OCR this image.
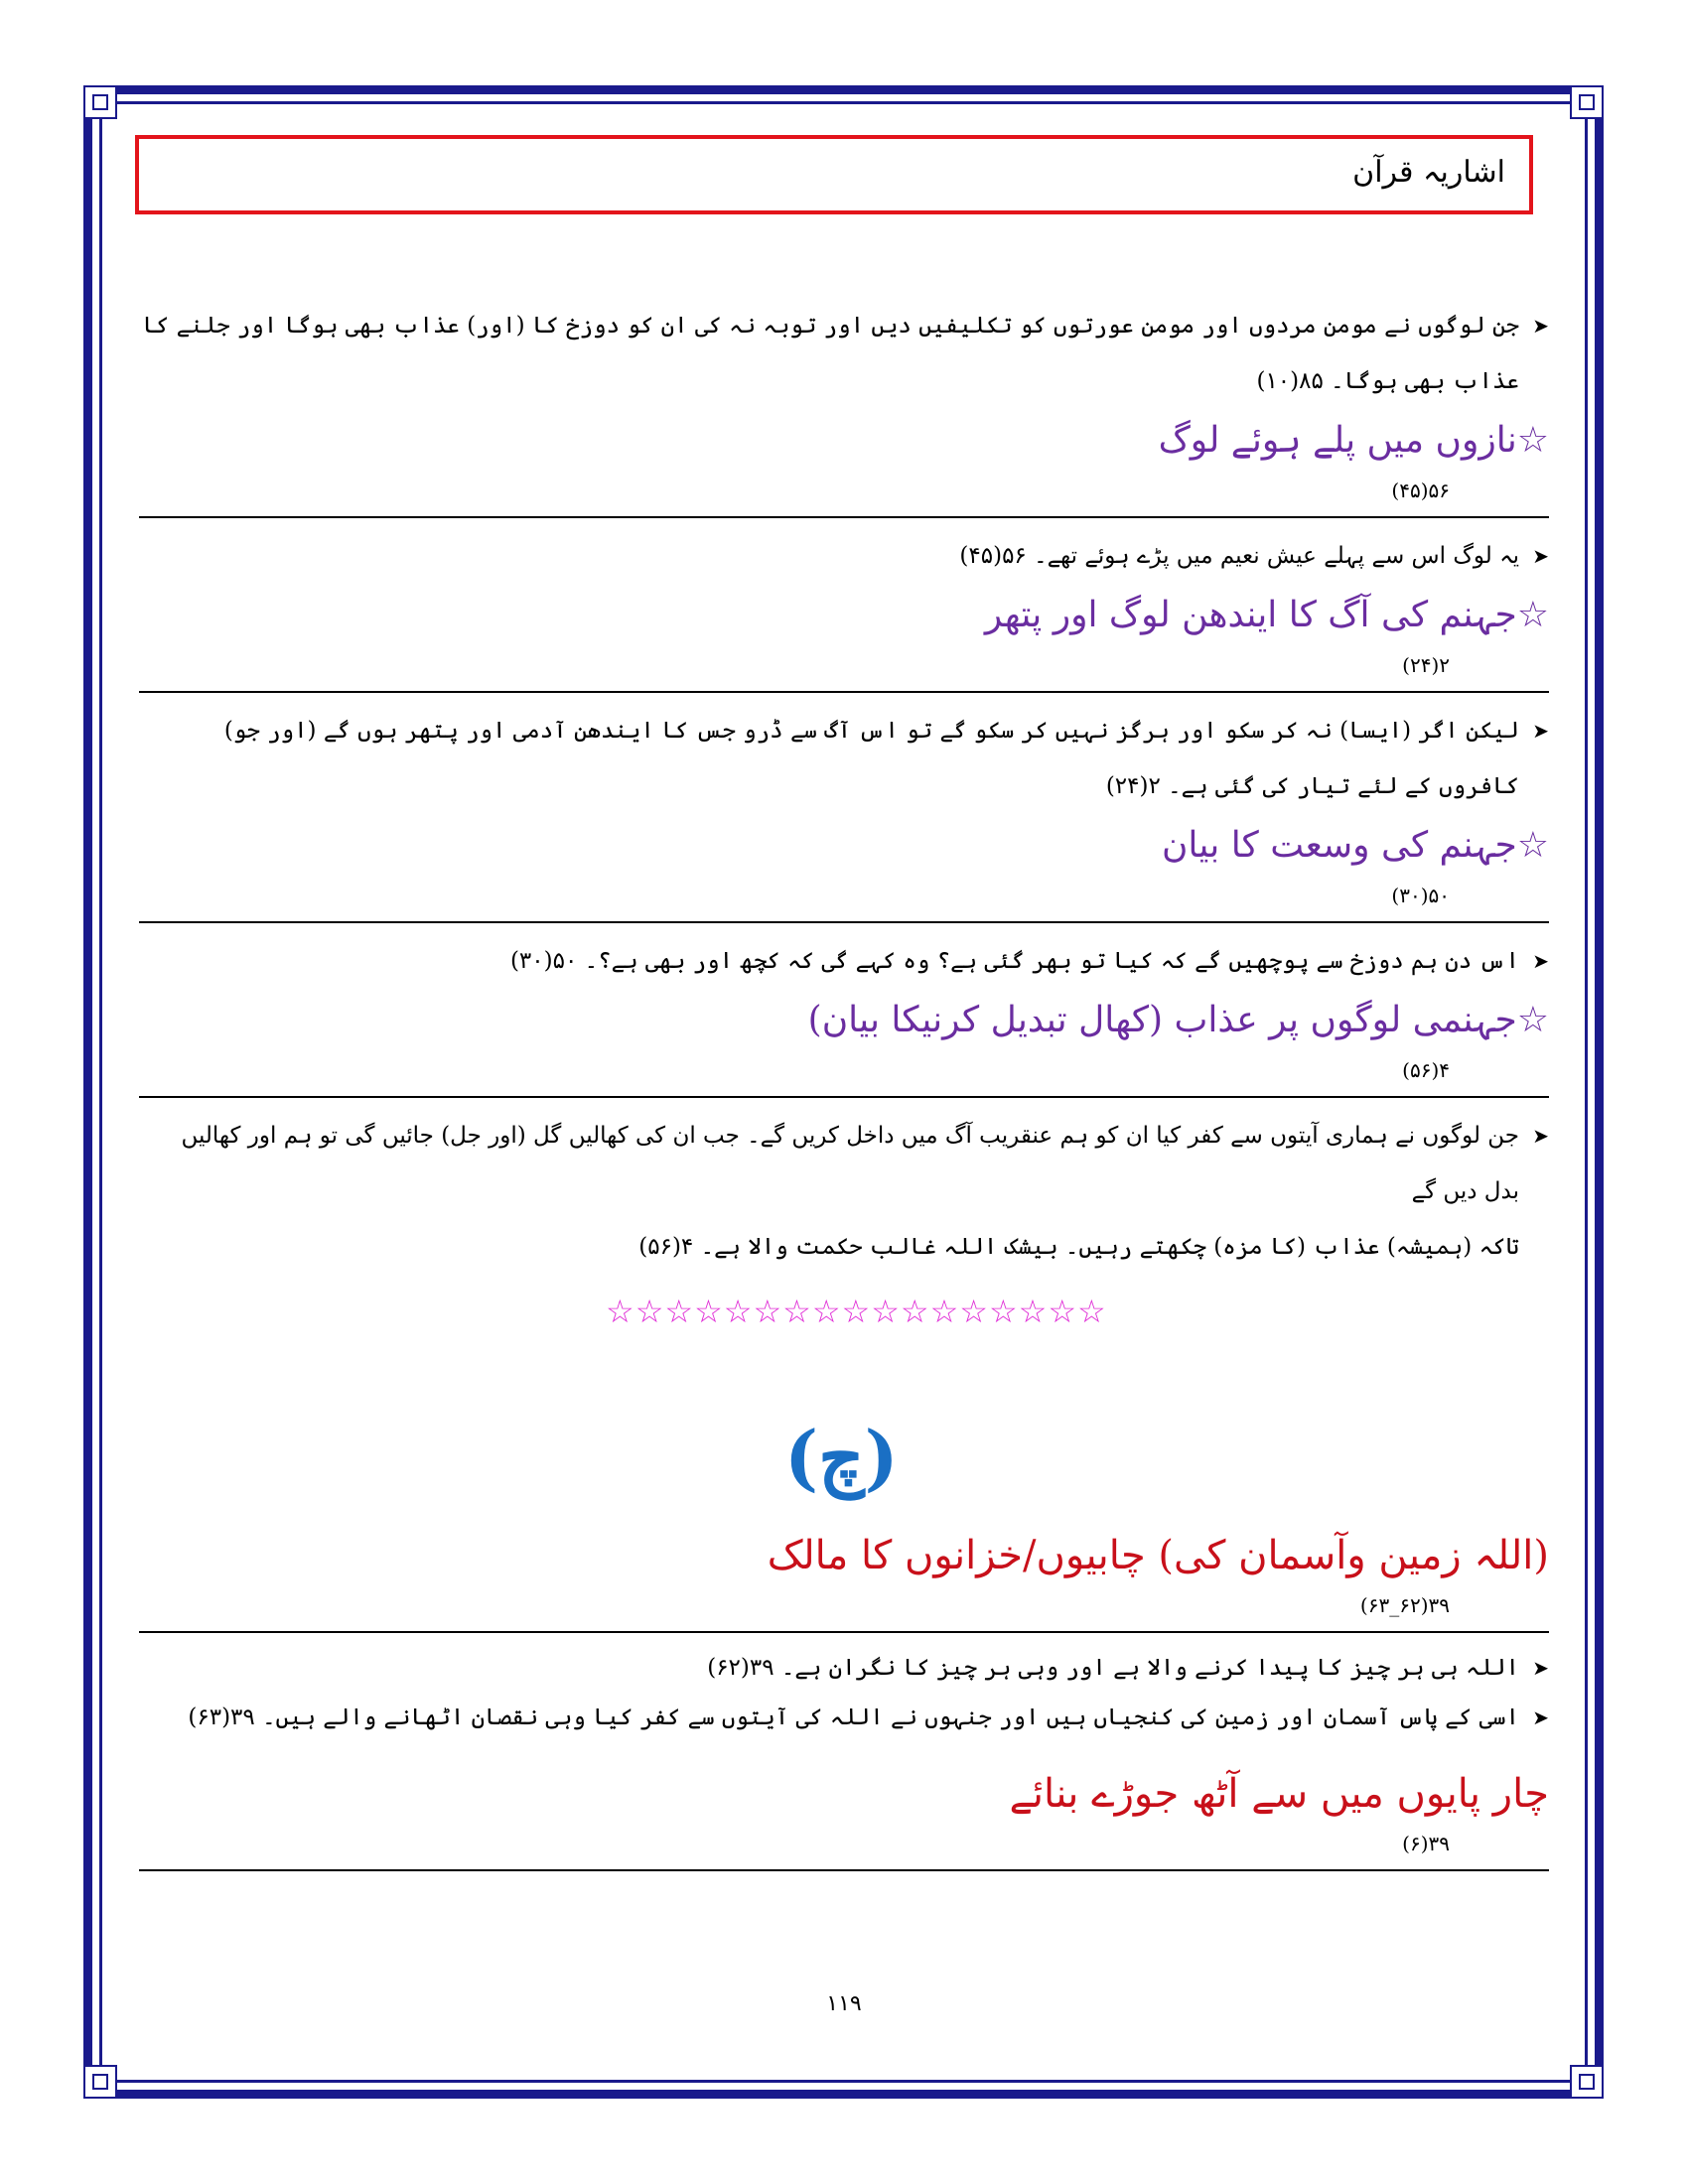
اشاریہ قرآن
➤
جن لوگوں نے مومن مردوں اور مومن عورتوں کو تکلیفیں دیں اور توبہ نہ کی ان کو دوزخ کا (اور) عذاب بھی ہوگا اور جلنے کا عذاب بھی ہوگا۔ ۸۵(۱۰)
☆نازوں میں پلے ہوئے لوگ
۵۶(۴۵)
➤
یہ لوگ اس سے پہلے عیش نعیم میں پڑے ہوئے تھے۔ ۵۶(۴۵)
☆جہنم کی آگ کا ایندھن لوگ اور پتھر
۲(۲۴)
➤
لیکن اگر (ایسا) نہ کر سکو اور ہرگز نہیں کر سکو گے تو اس آگ سے ڈرو جس کا ایندھن آدمی اور پتھر ہوں گے (اور جو) کافروں کے لئے تیار کی گئی ہے۔ ۲(۲۴)
☆جہنم کی وسعت کا بیان
۵۰(۳۰)
➤
اس دن ہم دوزخ سے پوچھیں گے کہ کیا تو بھر گئی ہے؟ وہ کہے گی کہ کچھ اور بھی ہے؟۔ ۵۰(۳۰)
☆جہنمی لوگوں پر عذاب (کھال تبدیل کرنیکا بیان)
۴(۵۶)
➤
جن لوگوں نے ہماری آیتوں سے کفر کیا ان کو ہم عنقریب آگ میں داخل کریں گے۔ جب ان کی کھالیں گل (اور جل) جائیں گی تو ہم اور کھالیں بدل دیں گے
تاکہ (ہمیشہ) عذاب (کا مزہ) چکھتے رہیں۔ بیشک اللہ غالب حکمت والا ہے۔ ۴(۵۶)
☆☆☆☆☆☆☆☆☆☆☆☆☆☆☆☆☆
(چ)
(اللہ زمین وآسمان کی) چابیوں/خزانوں کا مالک
۳۹(۶۲_۶۳)
➤
اللہ ہی ہر چیز کا پیدا کرنے والا ہے اور وہی ہر چیز کا نگران ہے۔ ۳۹(۶۲)
➤
اسی کے پاس آسمان اور زمین کی کنجیاں ہیں اور جنہوں نے اللہ کی آیتوں سے کفر کیا وہی نقصان اٹھانے والے ہیں۔ ۳۹(۶۳)
چار پایوں میں سے آٹھ جوڑے بنائے
۳۹(۶)
۱۱۹
